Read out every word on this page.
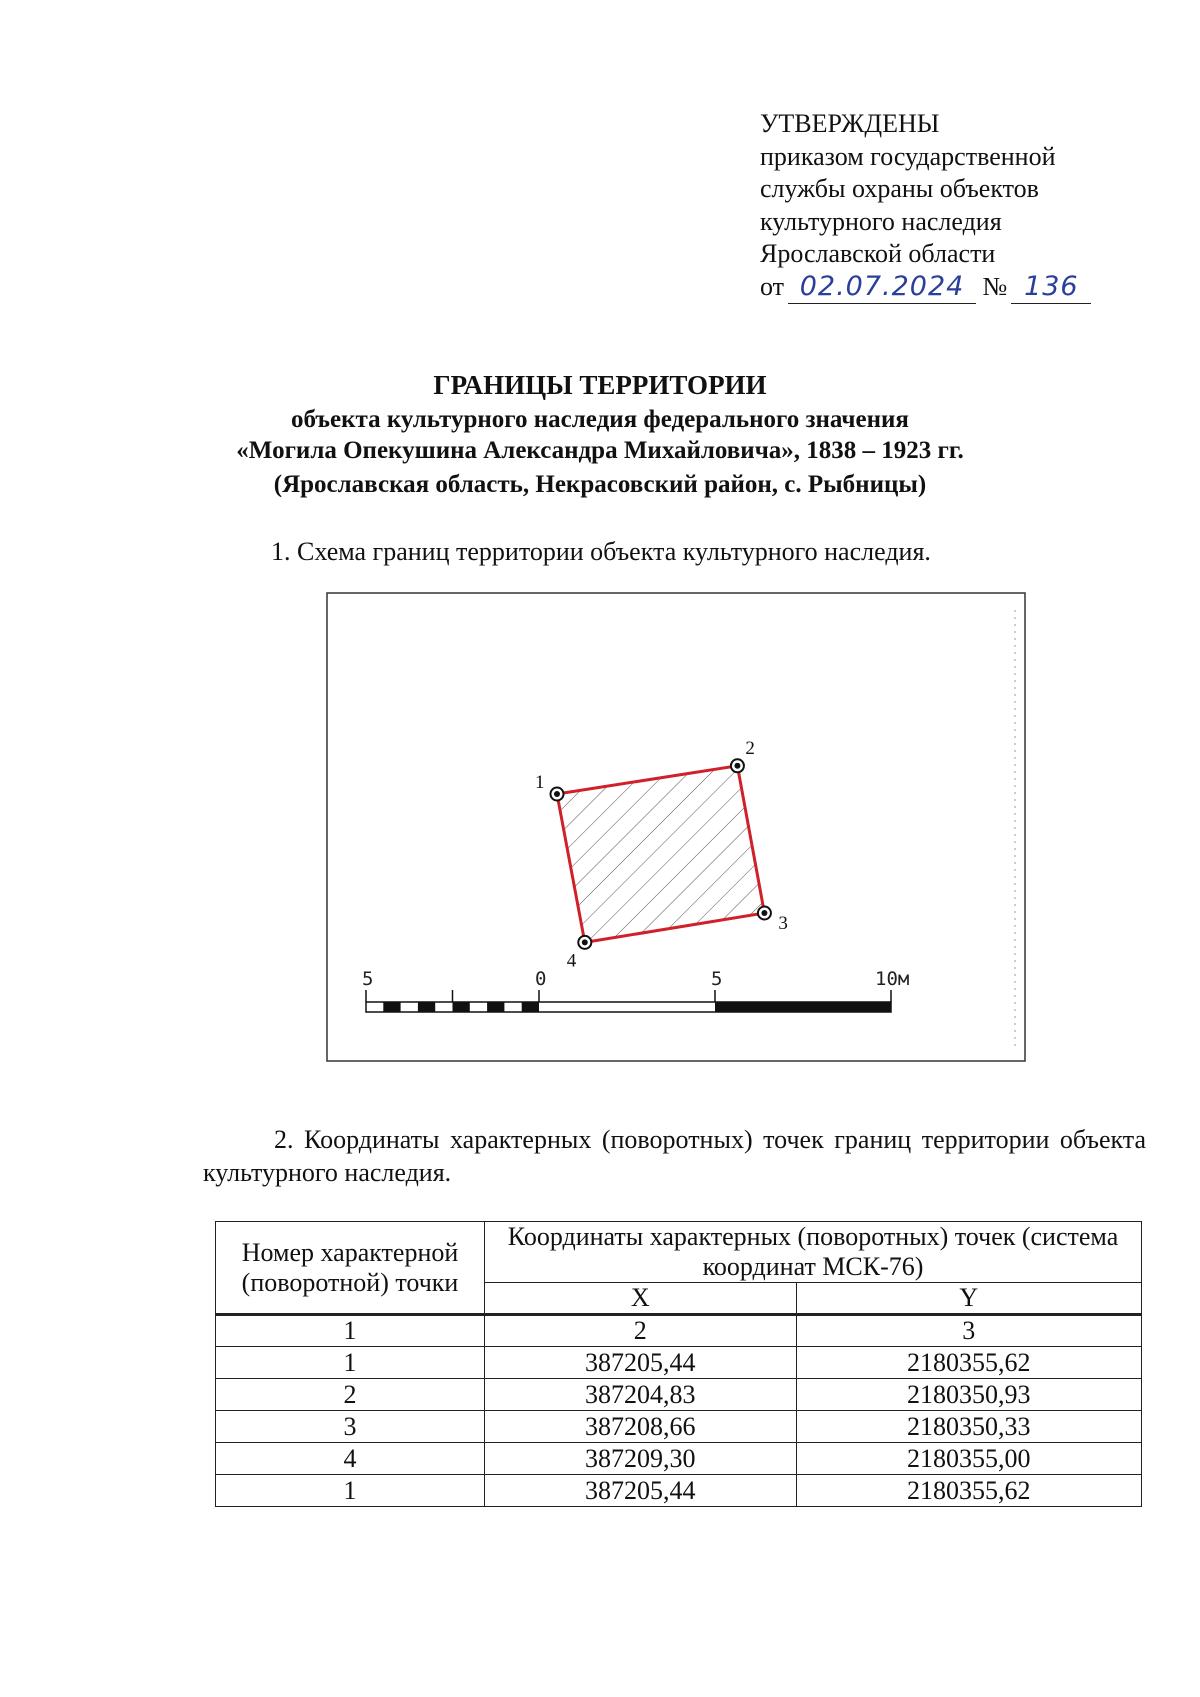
УТВЕРЖДЕНЫ
приказом государственной
службы охраны объектов
культурного наследия
Ярославской области
от 02.07.2024 № 136
ГРАНИЦЫ ТЕРРИТОРИИ
объекта культурного наследия федерального значения
«Могила Опекушина Александра Михайловича», 1838 – 1923 гг.
(Ярославская область, Некрасовский район, с. Рыбницы)
1. Схема границ территории объекта культурного наследия.
1
2
3
4
5	0	5	10м

2. Координаты характерных (поворотных) точек границ территории объекта культурного наследия.

Номер характерной (поворотной) точки	Координаты характерных (поворотных) точек (система координат МСК-76)	
	X	Y
1	2	3
1	387205,44	2180355,62
2	387204,83	2180350,93
3	387208,66	2180350,33
4	387209,30	2180355,00
1	387205,44	2180355,62
